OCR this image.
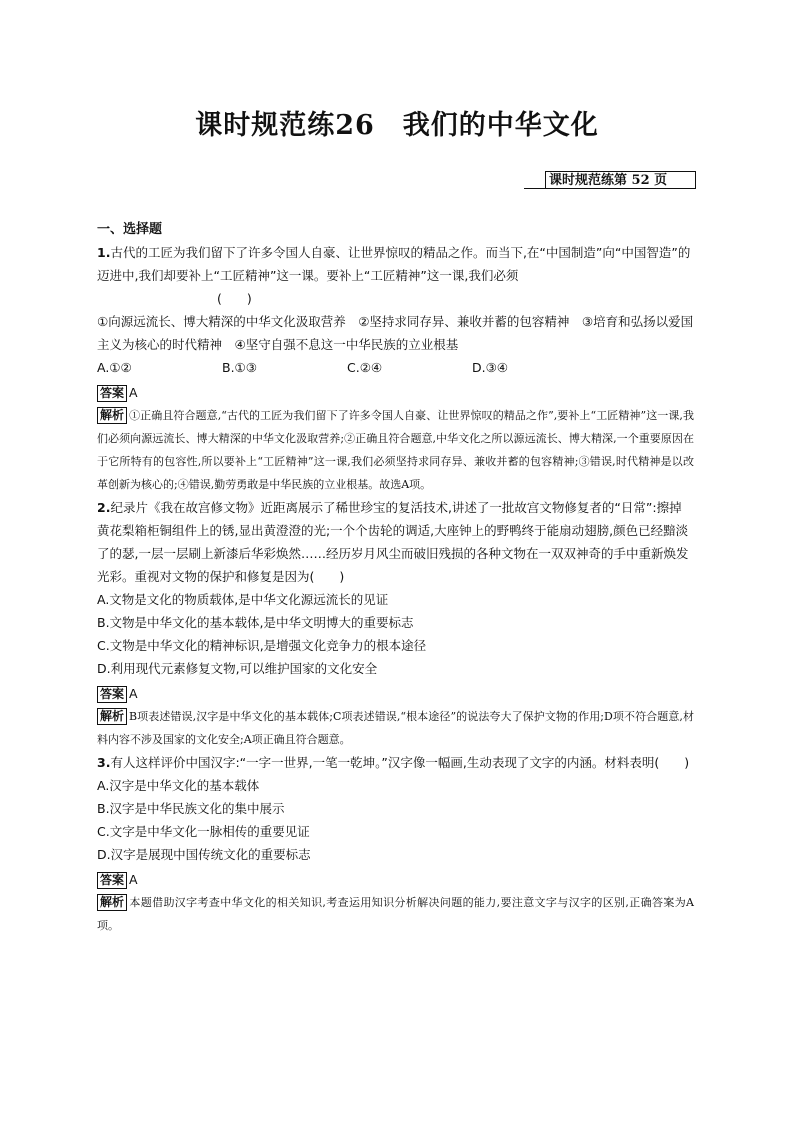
课时规范练26　我们的中华文化
课时规范练第 52 页
一、选择题
1.古代的工匠为我们留下了许多令国人自豪、让世界惊叹的精品之作。而当下,在“中国制造”向“中国智造”的迈进中,我们却要补上“工匠精神”这一课。要补上“工匠精神”这一课,我们必须
(　　)
①向源远流长、博大精深的中华文化汲取营养　②坚持求同存异、兼收并蓄的包容精神　③培育和弘扬以爱国主义为核心的时代精神　④坚守自强不息这一中华民族的立业根基
A.①②	B.①③	C.②④	D.③④
答案 A
解析 ①正确且符合题意,“古代的工匠为我们留下了许多令国人自豪、让世界惊叹的精品之作”,要补上“工匠精神”这一课,我们必须向源远流长、博大精深的中华文化汲取营养;②正确且符合题意,中华文化之所以源远流长、博大精深,一个重要原因在于它所特有的包容性,所以要补上“工匠精神”这一课,我们必须坚持求同存异、兼收并蓄的包容精神;③错误,时代精神是以改革创新为核心的;④错误,勤劳勇敢是中华民族的立业根基。故选A项。
2.纪录片《我在故宫修文物》近距离展示了稀世珍宝的复活技术,讲述了一批故宫文物修复者的“日常”:擦掉黄花梨箱柜铜组件上的锈,显出黄澄澄的光;一个个齿轮的调适,大座钟上的野鸭终于能扇动翅膀,颜色已经黯淡了的瑟,一层一层刷上新漆后华彩焕然……经历岁月风尘而破旧残损的各种文物在一双双神奇的手中重新焕发光彩。重视对文物的保护和修复是因为(　　)
A.文物是文化的物质载体,是中华文化源远流长的见证
B.文物是中华文化的基本载体,是中华文明博大的重要标志
C.文物是中华文化的精神标识,是增强文化竞争力的根本途径
D.利用现代元素修复文物,可以维护国家的文化安全
答案 A
解析 B项表述错误,汉字是中华文化的基本载体;C项表述错误,“根本途径”的说法夸大了保护文物的作用;D项不符合题意,材料内容不涉及国家的文化安全;A项正确且符合题意。
3.有人这样评价中国汉字:“一字一世界,一笔一乾坤。”汉字像一幅画,生动表现了文字的内涵。材料表明(　　)
A.汉字是中华文化的基本载体
B.汉字是中华民族文化的集中展示
C.文字是中华文化一脉相传的重要见证
D.汉字是展现中国传统文化的重要标志
答案 A
解析 本题借助汉字考查中华文化的相关知识,考查运用知识分析解决问题的能力,要注意文字与汉字的区别,正确答案为A项。
